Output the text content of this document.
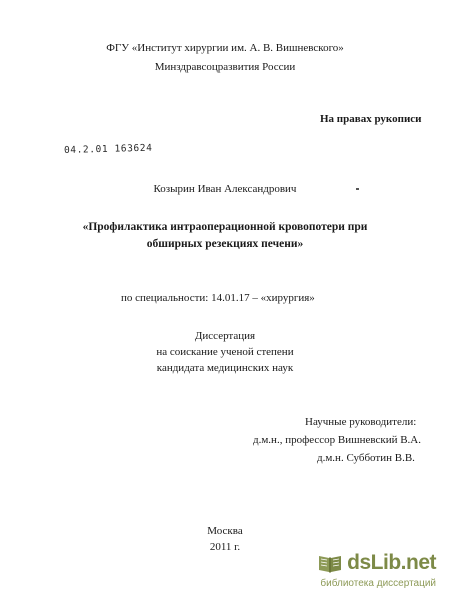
ФГУ «Институт хирургии им. А. В. Вишневского»
Минздравсоцразвития России
На правах рукописи
04.2.01 163624
Козырин Иван Александрович
«Профилактика интраоперационной кровопотери при
обширных резекциях печени»
по специальности: 14.01.17 – «хирургия»
Диссертация
на соискание ученой степени
кандидата медицинских наук
Научные руководители:
д.м.н., профессор Вишневский В.А.
д.м.н. Субботин В.В.
Москва
2011 г.
dsLib.net
библиотека диссертаций
